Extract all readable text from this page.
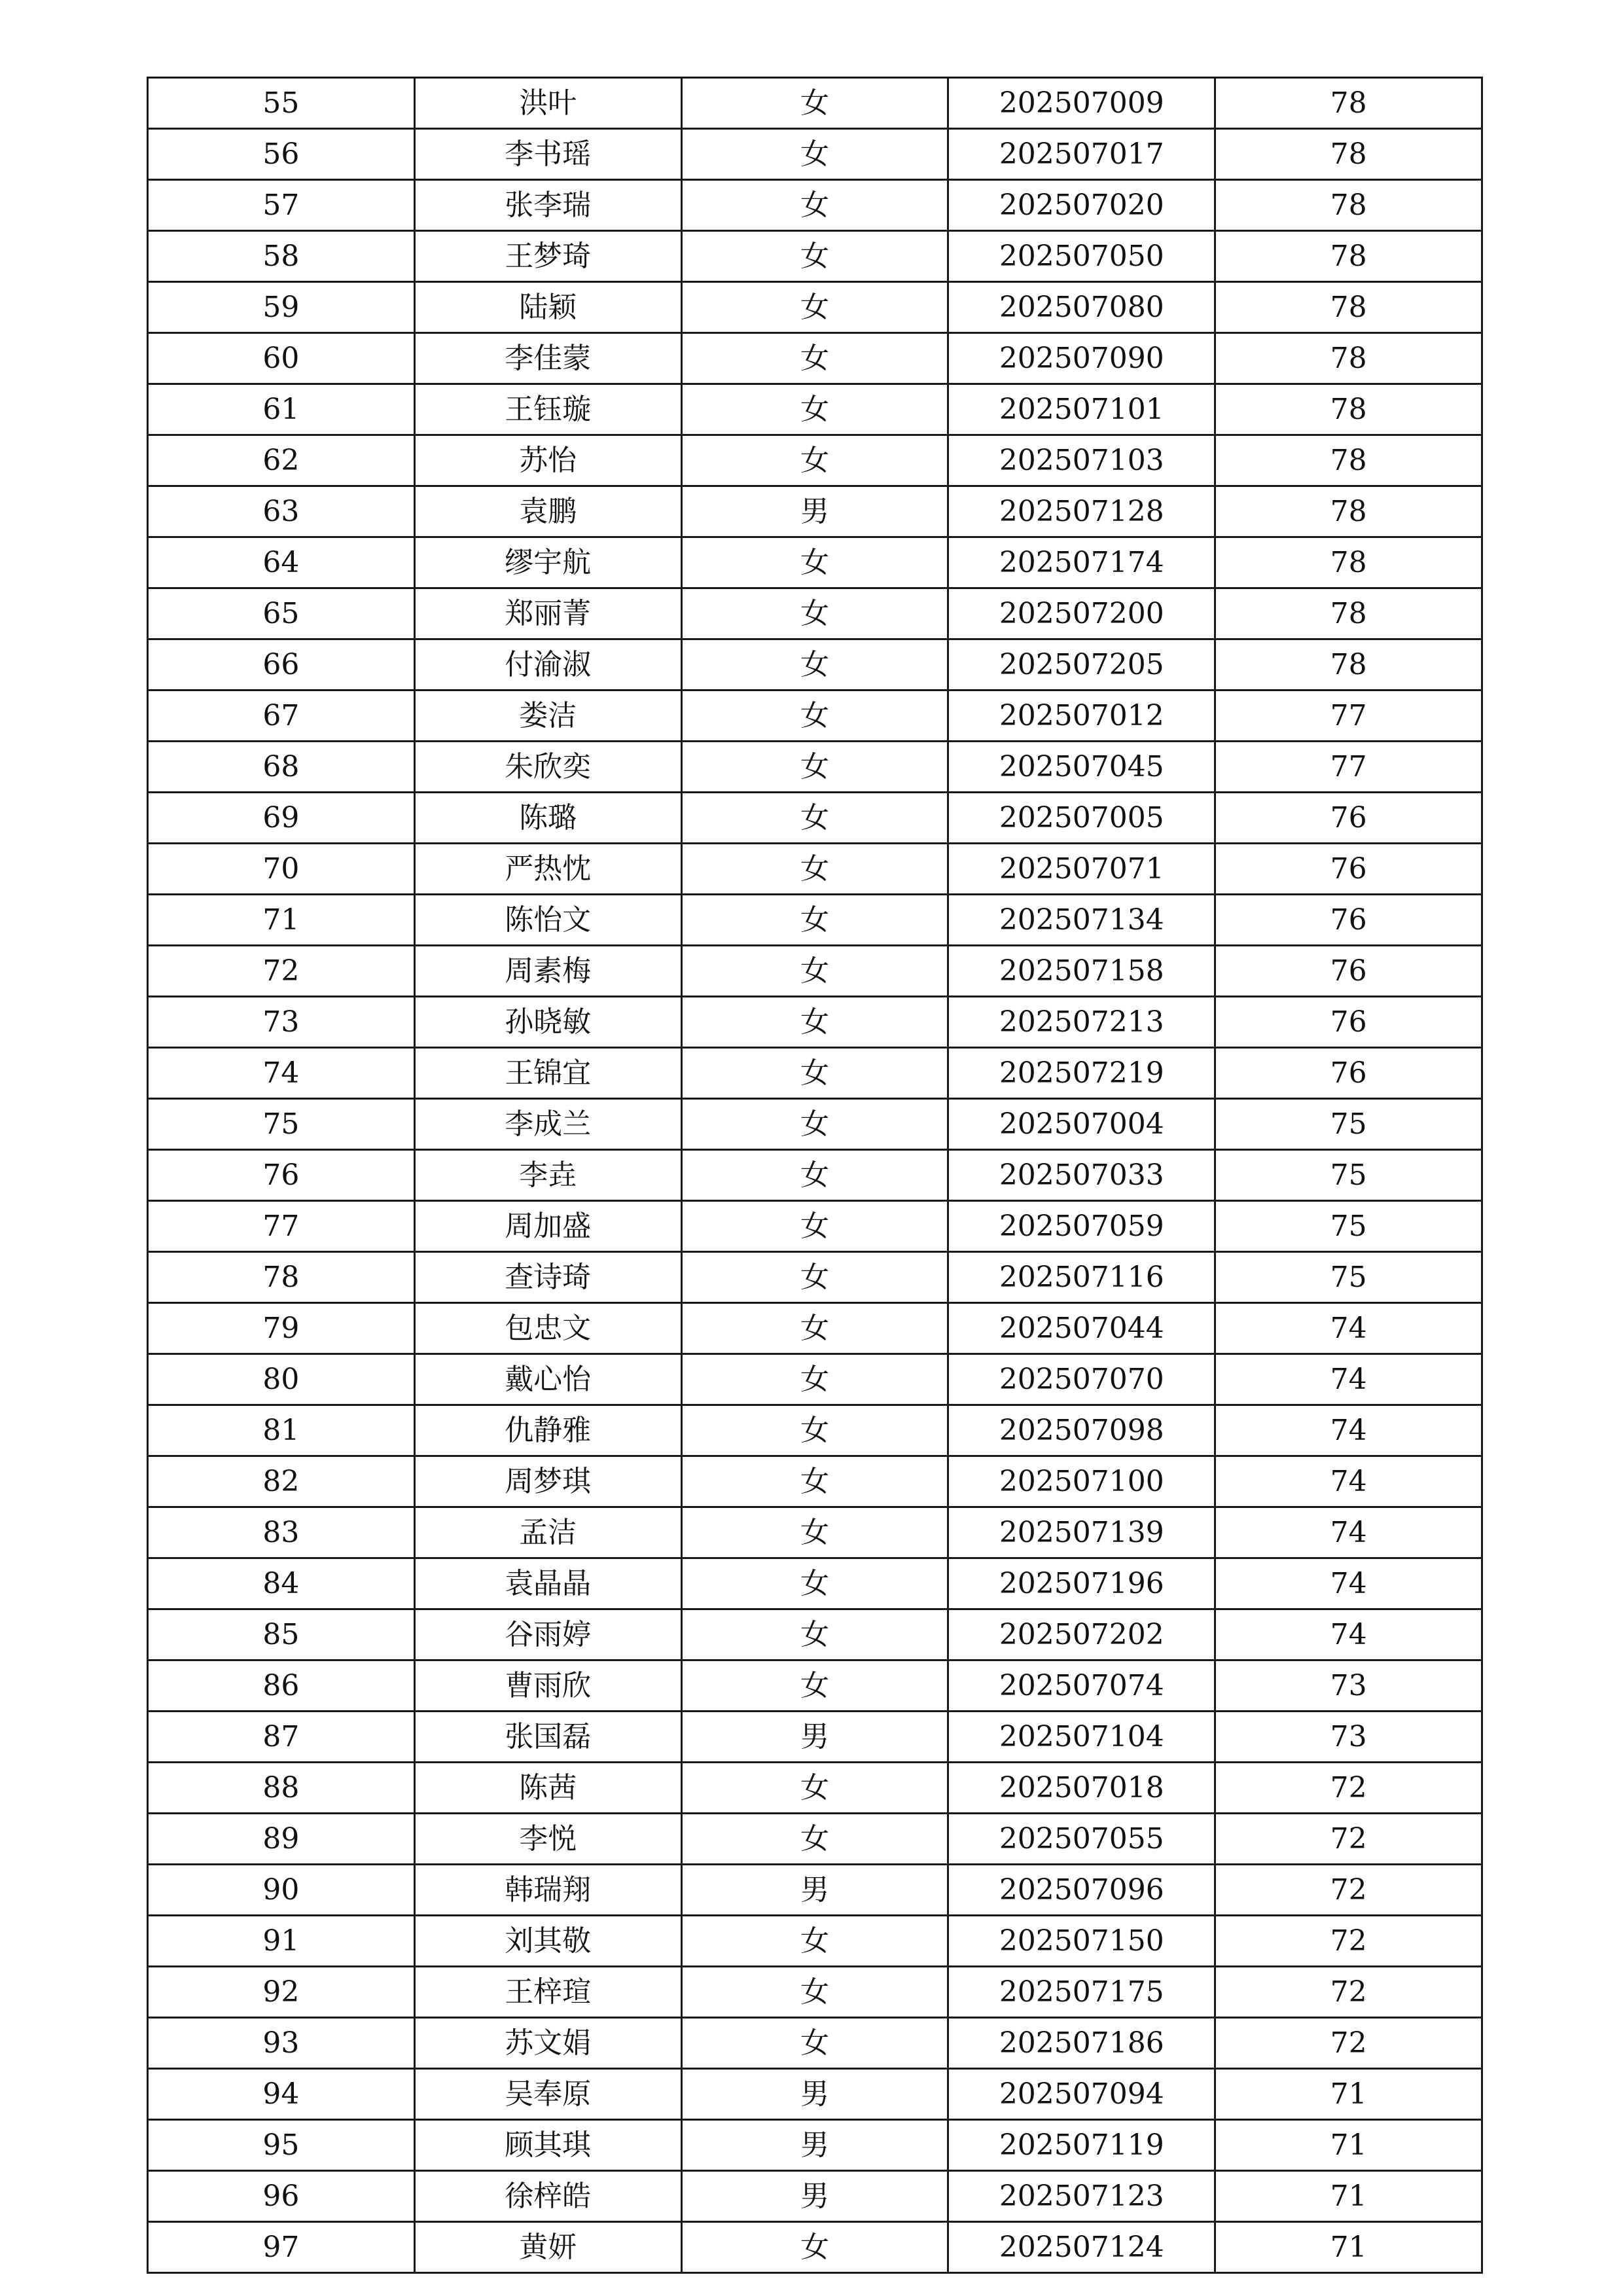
55	洪叶	女	202507009	78
56	李书瑶	女	202507017	78
57	张李瑞	女	202507020	78
58	王梦琦	女	202507050	78
59	陆颖	女	202507080	78
60	李佳蒙	女	202507090	78
61	王钰璇	女	202507101	78
62	苏怡	女	202507103	78
63	袁鹏	男	202507128	78
64	缪宇航	女	202507174	78
65	郑丽菁	女	202507200	78
66	付渝淑	女	202507205	78
67	娄洁	女	202507012	77
68	朱欣奕	女	202507045	77
69	陈璐	女	202507005	76
70	严热忱	女	202507071	76
71	陈怡文	女	202507134	76
72	周素梅	女	202507158	76
73	孙晓敏	女	202507213	76
74	王锦宜	女	202507219	76
75	李成兰	女	202507004	75
76	李垚	女	202507033	75
77	周加盛	女	202507059	75
78	查诗琦	女	202507116	75
79	包忠文	女	202507044	74
80	戴心怡	女	202507070	74
81	仇静雅	女	202507098	74
82	周梦琪	女	202507100	74
83	孟洁	女	202507139	74
84	袁晶晶	女	202507196	74
85	谷雨婷	女	202507202	74
86	曹雨欣	女	202507074	73
87	张国磊	男	202507104	73
88	陈茜	女	202507018	72
89	李悦	女	202507055	72
90	韩瑞翔	男	202507096	72
91	刘其敬	女	202507150	72
92	王梓瑄	女	202507175	72
93	苏文娟	女	202507186	72
94	吴奉原	男	202507094	71
95	顾其琪	男	202507119	71
96	徐梓皓	男	202507123	71
97	黄妍	女	202507124	71
